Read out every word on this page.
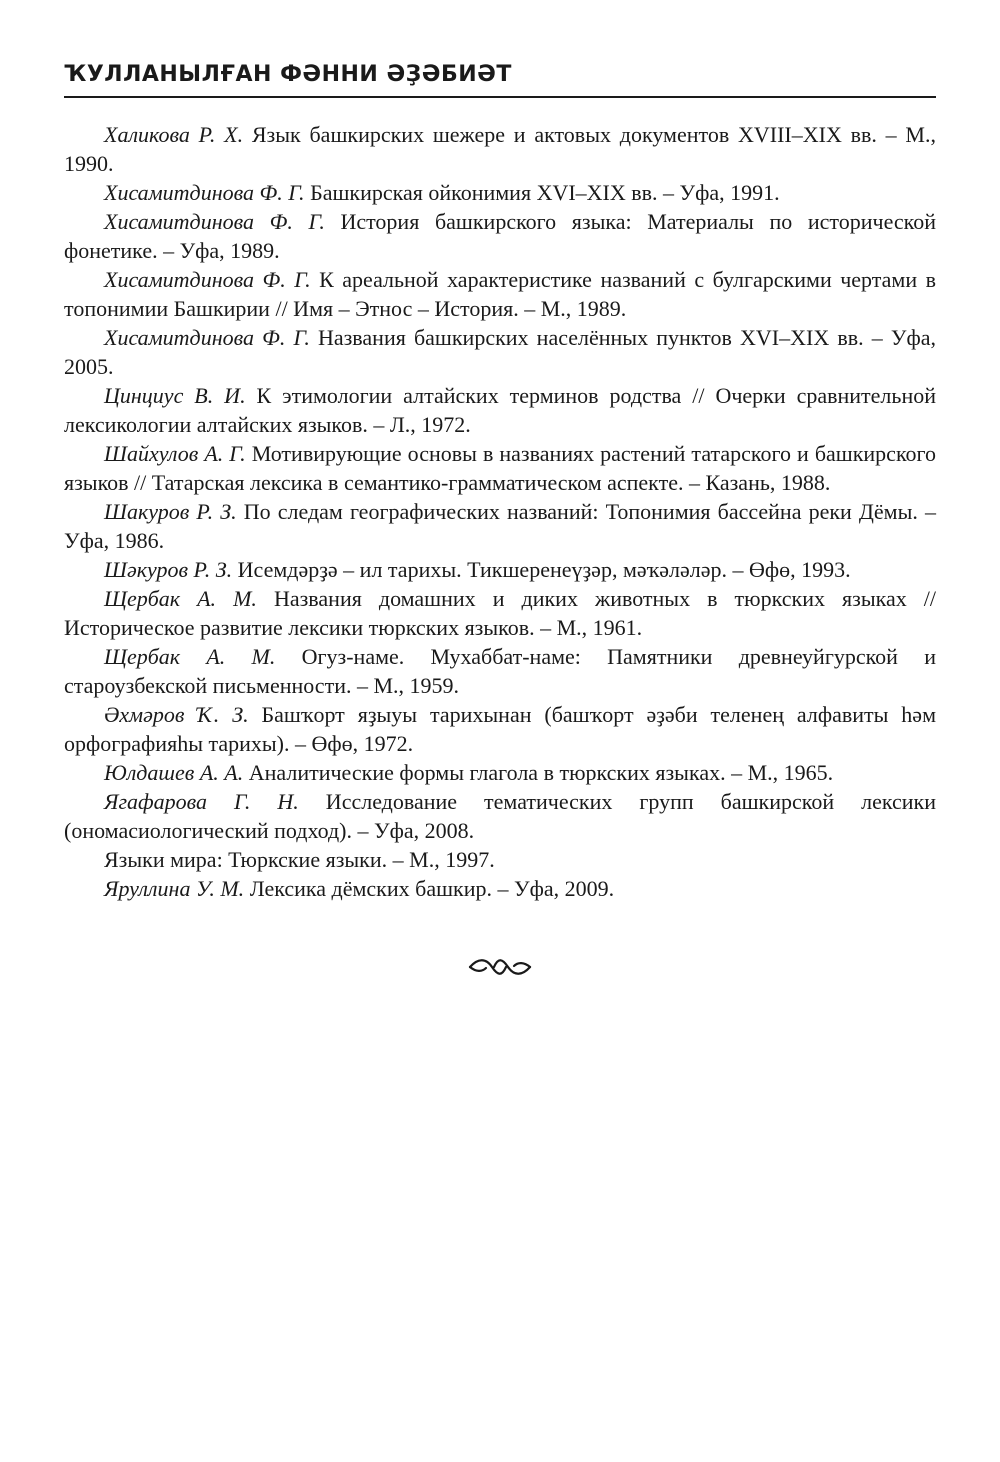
ҠУЛЛАНЫЛҒАН ФӘННИ ӘҘӘБИӘТ

Халикова Р. Х. Язык башкирских шежере и актовых документов XVIII–XIX вв. – М., 1990.

Хисамитдинова Ф. Г. Башкирская ойконимия XVI–XIX вв. – Уфа, 1991.

Хисамитдинова Ф. Г. История башкирского языка: Материалы по исторической фонетике. – Уфа, 1989.

Хисамитдинова Ф. Г. К ареальной характеристике названий с булгарскими чертами в топонимии Башкирии // Имя – Этнос – История. – М., 1989.

Хисамитдинова Ф. Г. Названия башкирских населённых пунктов XVI–XIX вв. – Уфа, 2005.

Цинциус В. И. К этимологии алтайских терминов родства // Очерки сравнительной лексикологии алтайских языков. – Л., 1972.

Шайхулов А. Г. Мотивирующие основы в названиях растений татарского и башкирского языков // Татарская лексика в семантико-грамматическом аспекте. – Казань, 1988.

Шакуров Р. З. По следам географических названий: Топонимия бассейна реки Дёмы. – Уфа, 1986.

Шәкуров Р. З. Исемдәрҙә – ил тарихы. Тикшеренеүҙәр, мәҡәләләр. – Өфө, 1993.

Щербак А. М. Названия домашних и диких животных в тюркских языках // Историческое развитие лексики тюркских языков. – М., 1961.

Щербак А. М. Огуз-наме. Мухаббат-наме: Памятники древнеуйгурской и староузбекской письменности. – М., 1959.

Әхмәров Ҡ. З. Башҡорт яҙыуы тарихынан (башҡорт әҙәби теленең алфавиты һәм орфографияһы тарихы). – Өфө, 1972.

Юлдашев А. А. Аналитические формы глагола в тюркских языках. – М., 1965.

Ягафарова Г. Н. Исследование тематических групп башкирской лексики (ономасиологический подход). – Уфа, 2008.

Языки мира: Тюркские языки. – М., 1997.

Яруллина У. М. Лексика дёмских башкир. – Уфа, 2009.
